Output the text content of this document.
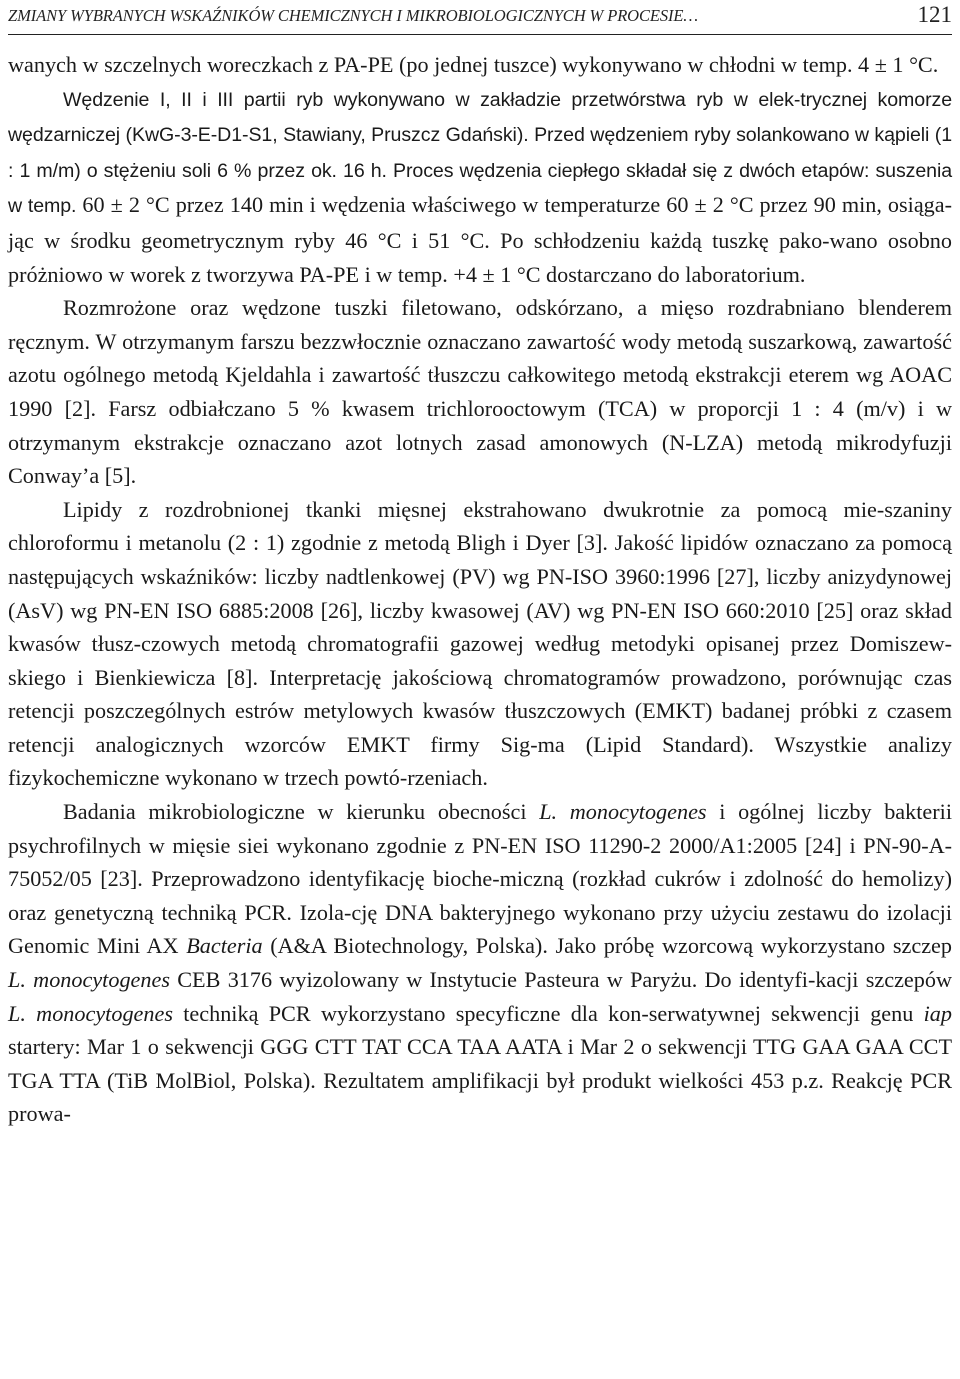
ZMIANY WYBRANYCH WSKAŹNIKÓW CHEMICZNYCH I MIKROBIOLOGICZNYCH W PROCESIE…	121

wanych w szczelnych woreczkach z PA-PE (po jednej tuszce) wykonywano w chłodni w temp. 4 ± 1 °C.

Wędzenie I, II i III partii ryb wykonywano w zakładzie przetwórstwa ryb w elek-trycznej komorze wędzarniczej (KwG-3-E-D1-S1, Stawiany, Pruszcz Gdański). Przed wędzeniem ryby solankowano w kąpieli (1 : 1 m/m) o stężeniu soli 6 % przez ok. 16 h. Proces wędzenia ciepłego składał się z dwóch etapów: suszenia w temp. 60 ± 2 °C przez 140 min i wędzenia właściwego w temperaturze 60 ± 2 °C przez 90 min, osiąga-jąc w środku geometrycznym ryby 46 °C i 51 °C. Po schłodzeniu każdą tuszkę pako-wano osobno próżniowo w worek z tworzywa PA-PE i w temp. +4 ± 1 °C dostarczano do laboratorium.

Rozmrożone oraz wędzone tuszki filetowano, odskórzano, a mięso rozdrabniano blenderem ręcznym. W otrzymanym farszu bezzwłocznie oznaczano zawartość wody metodą suszarkową, zawartość azotu ogólnego metodą Kjeldahla i zawartość tłuszczu całkowitego metodą ekstrakcji eterem wg AOAC 1990 [2]. Farsz odbiałczano 5 % kwasem trichlorooctowym (TCA) w proporcji 1 : 4 (m/v) i w otrzymanym ekstrakcje oznaczano azot lotnych zasad amonowych (N-LZA) metodą mikrodyfuzji Conway’a [5].

Lipidy z rozdrobnionej tkanki mięsnej ekstrahowano dwukrotnie za pomocą mie-szaniny chloroformu i metanolu (2 : 1) zgodnie z metodą Bligh i Dyer [3]. Jakość lipidów oznaczano za pomocą następujących wskaźników: liczby nadtlenkowej (PV) wg PN-ISO 3960:1996 [27], liczby anizydynowej (AsV) wg PN-EN ISO 6885:2008 [26], liczby kwasowej (AV) wg PN-EN ISO 660:2010 [25] oraz skład kwasów tłusz-czowych metodą chromatografii gazowej według metodyki opisanej przez Domiszew-skiego i Bienkiewicza [8]. Interpretację jakościową chromatogramów prowadzono, porównując czas retencji poszczególnych estrów metylowych kwasów tłuszczowych (EMKT) badanej próbki z czasem retencji analogicznych wzorców EMKT firmy Sig-ma (Lipid Standard). Wszystkie analizy fizykochemiczne wykonano w trzech powtó-rzeniach.

Badania mikrobiologiczne w kierunku obecności L. monocytogenes i ogólnej liczby bakterii psychrofilnych w mięsie siei wykonano zgodnie z PN-EN ISO 11290-2 2000/A1:2005 [24] i PN-90-A-75052/05 [23]. Przeprowadzono identyfikację bioche-miczną (rozkład cukrów i zdolność do hemolizy) oraz genetyczną techniką PCR. Izola-cję DNA bakteryjnego wykonano przy użyciu zestawu do izolacji Genomic Mini AX Bacteria (A&A Biotechnology, Polska). Jako próbę wzorcową wykorzystano szczep L. monocytogenes CEB 3176 wyizolowany w Instytucie Pasteura w Paryżu. Do identyfi-kacji szczepów L. monocytogenes techniką PCR wykorzystano specyficzne dla kon-serwatywnej sekwencji genu iap startery: Mar 1 o sekwencji GGG CTT TAT CCA TAA AATA i Mar 2 o sekwencji TTG GAA GAA CCT TGA TTA (TiB MolBiol, Polska). Rezultatem amplifikacji był produkt wielkości 453 p.z. Reakcję PCR prowa-
